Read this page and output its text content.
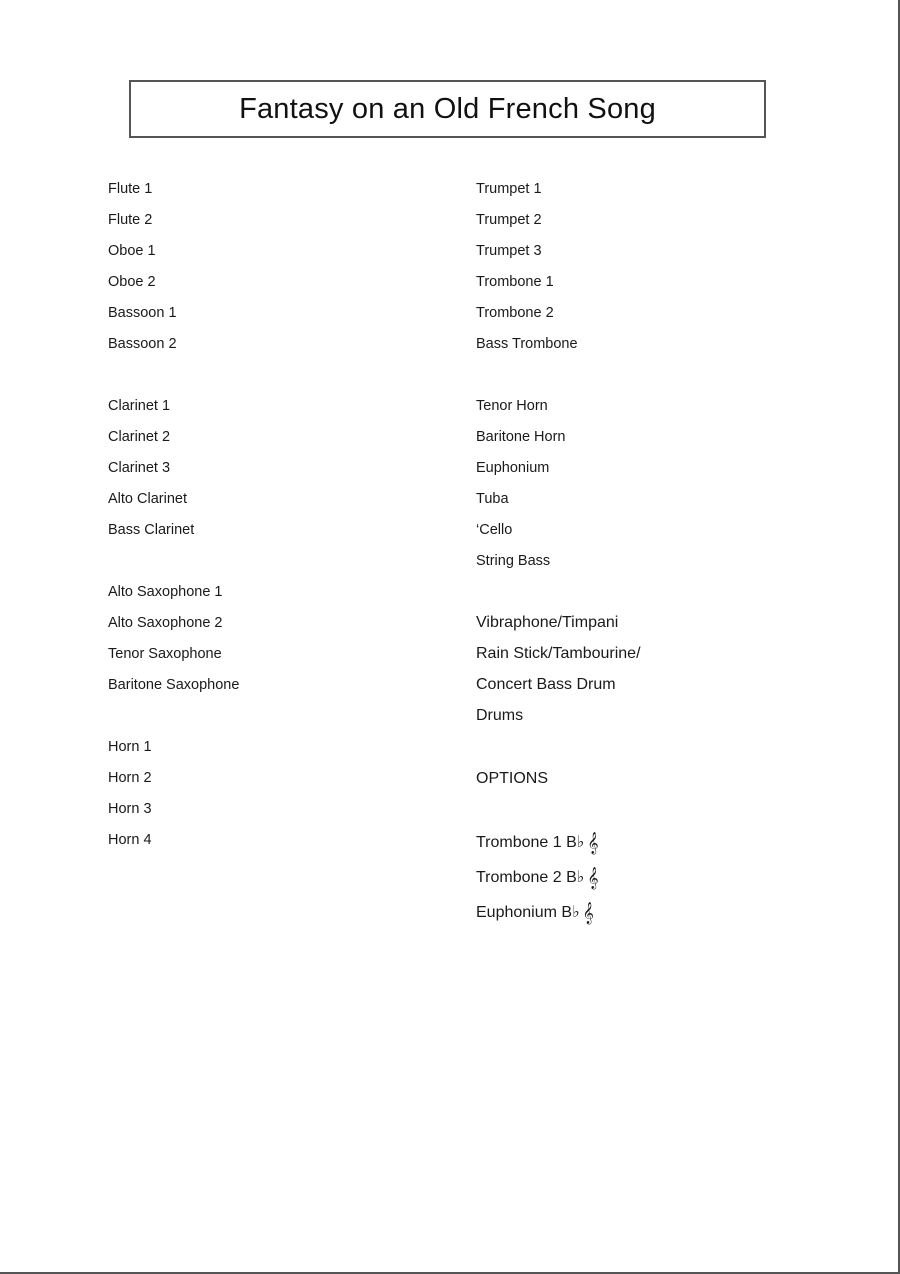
Fantasy on an Old French Song
Flute 1
Flute 2
Oboe 1
Oboe 2
Bassoon 1
Bassoon 2
Clarinet 1
Clarinet 2
Clarinet 3
Alto Clarinet
Bass Clarinet
Alto Saxophone 1
Alto Saxophone 2
Tenor Saxophone
Baritone Saxophone
Horn 1
Horn 2
Horn 3
Horn 4
Trumpet 1
Trumpet 2
Trumpet 3
Trombone 1
Trombone 2
Bass Trombone
Tenor Horn
Baritone Horn
Euphonium
Tuba
‘Cello
String Bass
Vibraphone/Timpani
Rain Stick/Tambourine/
Concert Bass Drum
Drums
OPTIONS
Trombone 1 B♭ 𝄞
Trombone 2 B♭ 𝄞
Euphonium B♭ 𝄞
